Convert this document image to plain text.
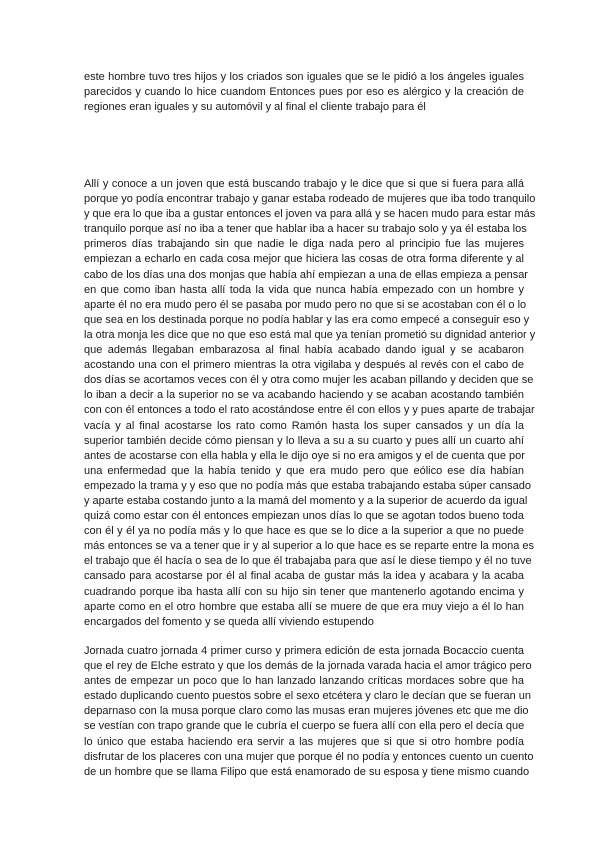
este hombre tuvo tres hijos y los criados son iguales que se le pidió a los ángeles iguales
parecidos y cuando lo hice cuandom Entonces pues por eso es alérgico y la creación de
regiones eran iguales y su automóvil y al final el cliente trabajo para él
Allí y conoce a un joven que está buscando trabajo y le dice que si que si fuera para allá
porque yo podía encontrar trabajo y ganar estaba rodeado de mujeres que iba todo tranquilo
y que era lo que iba a gustar entonces el joven va para allá y se hacen mudo para estar más
tranquilo porque así no iba a tener que hablar iba a hacer su trabajo solo y ya él estaba los
primeros días trabajando sin que nadie le diga nada pero al principio fue las mujeres
empiezan a echarlo en cada cosa mejor que hiciera las cosas de otra forma diferente y al
cabo de los días una dos monjas que había ahí empiezan a una de ellas empieza a pensar
en que como iban hasta allí toda la vida que nunca había empezado con un hombre y
aparte él no era mudo pero él se pasaba por mudo pero no que si se acostaban con él o lo
que sea en los destinada porque no podía hablar y las era como empecé a conseguir eso y
la otra monja les dice que no que eso está mal que ya tenían prometió su dignidad anterior y
que además llegaban embarazosa al final había acabado dando igual y se acabaron
acostando una con el primero mientras la otra vigilaba y después al revés con el cabo de
dos días se acortamos veces con él y otra como mujer les acaban pillando y deciden que se
lo iban a decir a la superior no se va acabando haciendo y se acaban acostando también
con con él entonces a todo el rato acostándose entre él con ellos y y pues aparte de trabajar
vacía y al final acostarse los rato como Ramón hasta los super cansados y un día la
superior también decide cómo piensan y lo lleva a su a su cuarto y pues allí un cuarto ahí
antes de acostarse con ella habla y ella le dijo oye si no era amigos y el de cuenta que por
una enfermedad que la había tenido y que era mudo pero que eólico ese día habían
empezado la trama y y eso que no podía más que estaba trabajando estaba súper cansado
y aparte estaba costando junto a la mamá del momento y a la superior de acuerdo da igual
quizá como estar con él entonces empiezan unos días lo que se agotan todos bueno toda
con él y él ya no podía más y lo que hace es que se lo dice a la superior a que no puede
más entonces se va a tener que ir y al superior a lo que hace es se reparte entre la mona es
el trabajo que él hacía o sea de lo que él trabajaba para que así le diese tiempo y él no tuve
cansado para acostarse por él al final acaba de gustar más la idea y acabara y la acaba
cuadrando porque iba hasta allí con su hijo sin tener que mantenerlo agotando encima y
aparte como en el otro hombre que estaba allí se muere de que era muy viejo a él lo han
encargados del fomento y se queda allí viviendo estupendo
Jornada cuatro jornada 4 primer curso y primera edición de esta jornada Bocaccio cuenta
que el rey de Elche estrato y que los demás de la jornada varada hacia el amor trágico pero
antes de empezar un poco que lo han lanzado lanzando críticas mordaces sobre que ha
estado duplicando cuento puestos sobre el sexo etcétera y claro le decían que se fueran un
deparnaso con la musa porque claro como las musas eran mujeres jóvenes etc que me dio
se vestían con trapo grande que le cubría el cuerpo se fuera allí con ella pero el decía que
lo único que estaba haciendo era servir a las mujeres que si que si otro hombre podía
disfrutar de los placeres con una mujer que porque él no podía y entonces cuento un cuento
de un hombre que se llama Filipo que está enamorado de su esposa y tiene mismo cuando
